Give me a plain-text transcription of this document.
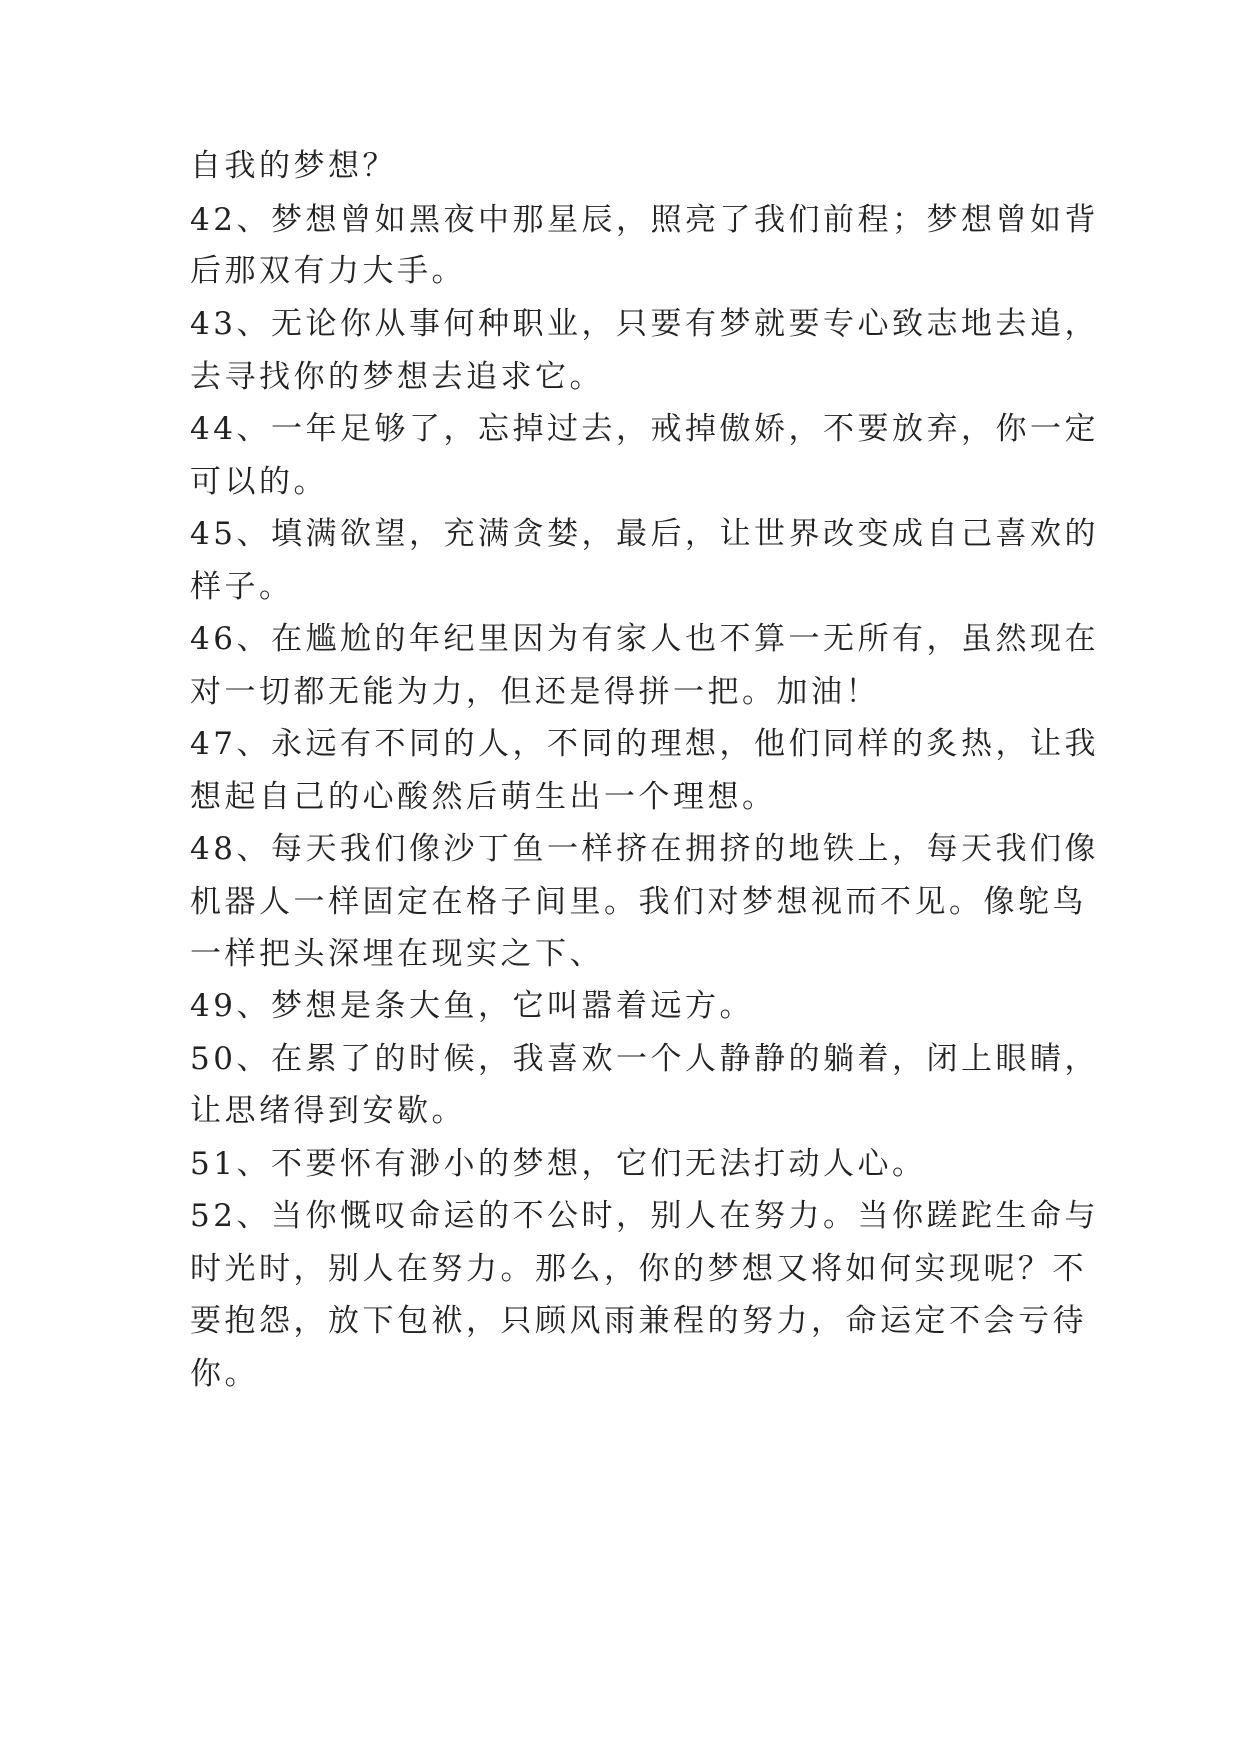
自我的梦想？
42、梦想曾如黑夜中那星辰，照亮了我们前程；梦想曾如背
后那双有力大手。
43、无论你从事何种职业，只要有梦就要专心致志地去追，
去寻找你的梦想去追求它。
44、一年足够了，忘掉过去，戒掉傲娇，不要放弃，你一定
可以的。
45、填满欲望，充满贪婪，最后，让世界改变成自己喜欢的
样子。
46、在尴尬的年纪里因为有家人也不算一无所有，虽然现在
对一切都无能为力，但还是得拼一把。加油！
47、永远有不同的人，不同的理想，他们同样的炙热，让我
想起自己的心酸然后萌生出一个理想。
48、每天我们像沙丁鱼一样挤在拥挤的地铁上，每天我们像
机器人一样固定在格子间里。我们对梦想视而不见。像鸵鸟
一样把头深埋在现实之下、
49、梦想是条大鱼，它叫嚣着远方。
50、在累了的时候，我喜欢一个人静静的躺着，闭上眼睛，
让思绪得到安歇。
51、不要怀有渺小的梦想，它们无法打动人心。
52、当你慨叹命运的不公时，别人在努力。当你蹉跎生命与
时光时，别人在努力。那么，你的梦想又将如何实现呢？不
要抱怨，放下包袱，只顾风雨兼程的努力，命运定不会亏待
你。
